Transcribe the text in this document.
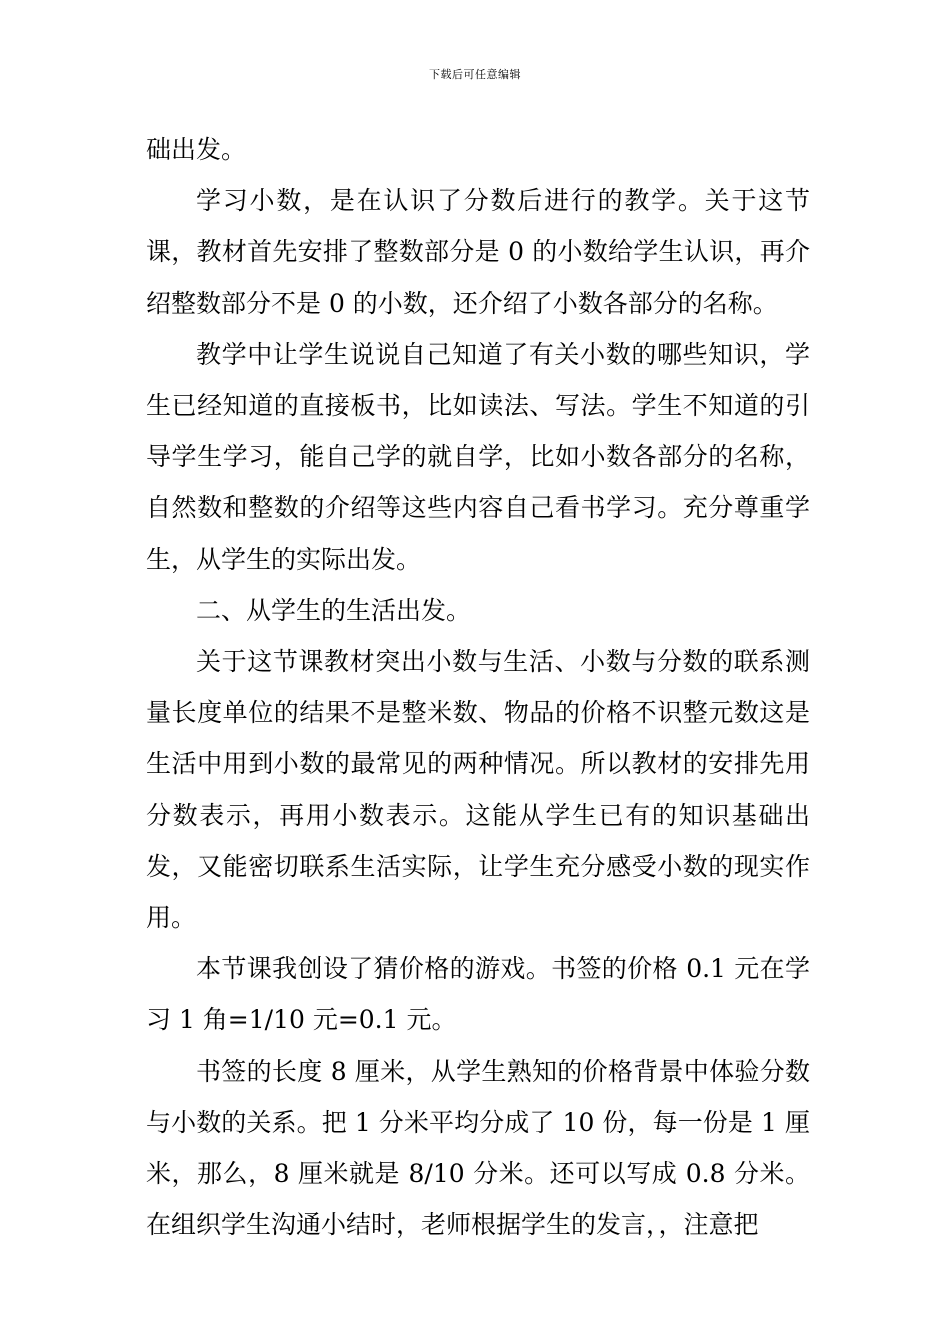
下载后可任意编辑

础出发。

学习小数，是在认识了分数后进行的教学。关于这节课，教材首先安排了整数部分是 0 的小数给学生认识，再介绍整数部分不是 0 的小数，还介绍了小数各部分的名称。

教学中让学生说说自己知道了有关小数的哪些知识，学生已经知道的直接板书，比如读法、写法。学生不知道的引导学生学习，能自己学的就自学，比如小数各部分的名称，自然数和整数的介绍等这些内容自己看书学习。充分尊重学生，从学生的实际出发。

二、从学生的生活出发。

关于这节课教材突出小数与生活、小数与分数的联系测量长度单位的结果不是整米数、物品的价格不识整元数这是生活中用到小数的最常见的两种情况。所以教材的安排先用分数表示，再用小数表示。这能从学生已有的知识基础出发，又能密切联系生活实际，让学生充分感受小数的现实作用。

本节课我创设了猜价格的游戏。书签的价格 0.1 元在学习 1 角=1/10 元=0.1 元。

书签的长度 8 厘米，从学生熟知的价格背景中体验分数与小数的关系。把 1 分米平均分成了 10 份，每一份是 1 厘米，那么，8 厘米就是 8/10 分米。还可以写成 0.8 分米。在组织学生沟通小结时，老师根据学生的发言，，注意把
